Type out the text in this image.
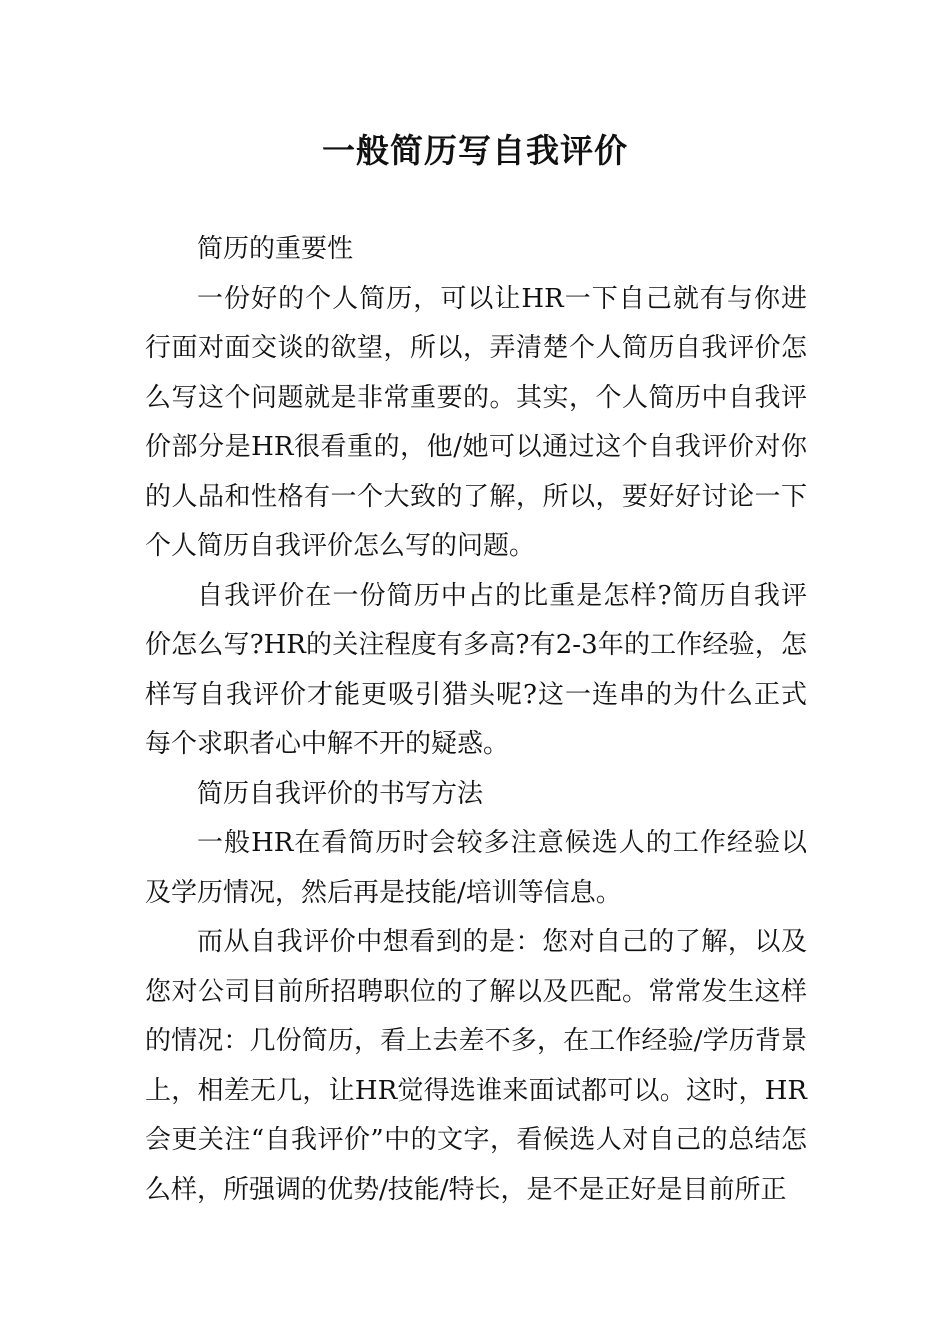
一般简历写自我评价

简历的重要性

一份好的个人简历，可以让HR一下自己就有与你进行面对面交谈的欲望，所以，弄清楚个人简历自我评价怎么写这个问题就是非常重要的。其实，个人简历中自我评价部分是HR很看重的，他/她可以通过这个自我评价对你的人品和性格有一个大致的了解，所以，要好好讨论一下个人简历自我评价怎么写的问题。

自我评价在一份简历中占的比重是怎样?简历自我评价怎么写?HR的关注程度有多高?有2-3年的工作经验，怎样写自我评价才能更吸引猎头呢?这一连串的为什么正式每个求职者心中解不开的疑惑。

简历自我评价的书写方法

一般HR在看简历时会较多注意候选人的工作经验以及学历情况，然后再是技能/培训等信息。

而从自我评价中想看到的是：您对自己的了解，以及您对公司目前所招聘职位的了解以及匹配。常常发生这样的情况：几份简历，看上去差不多，在工作经验/学历背景上，相差无几，让HR觉得选谁来面试都可以。这时，HR会更关注“自我评价”中的文字，看候选人对自己的总结怎么样，所强调的优势/技能/特长，是不是正好是目前所正
